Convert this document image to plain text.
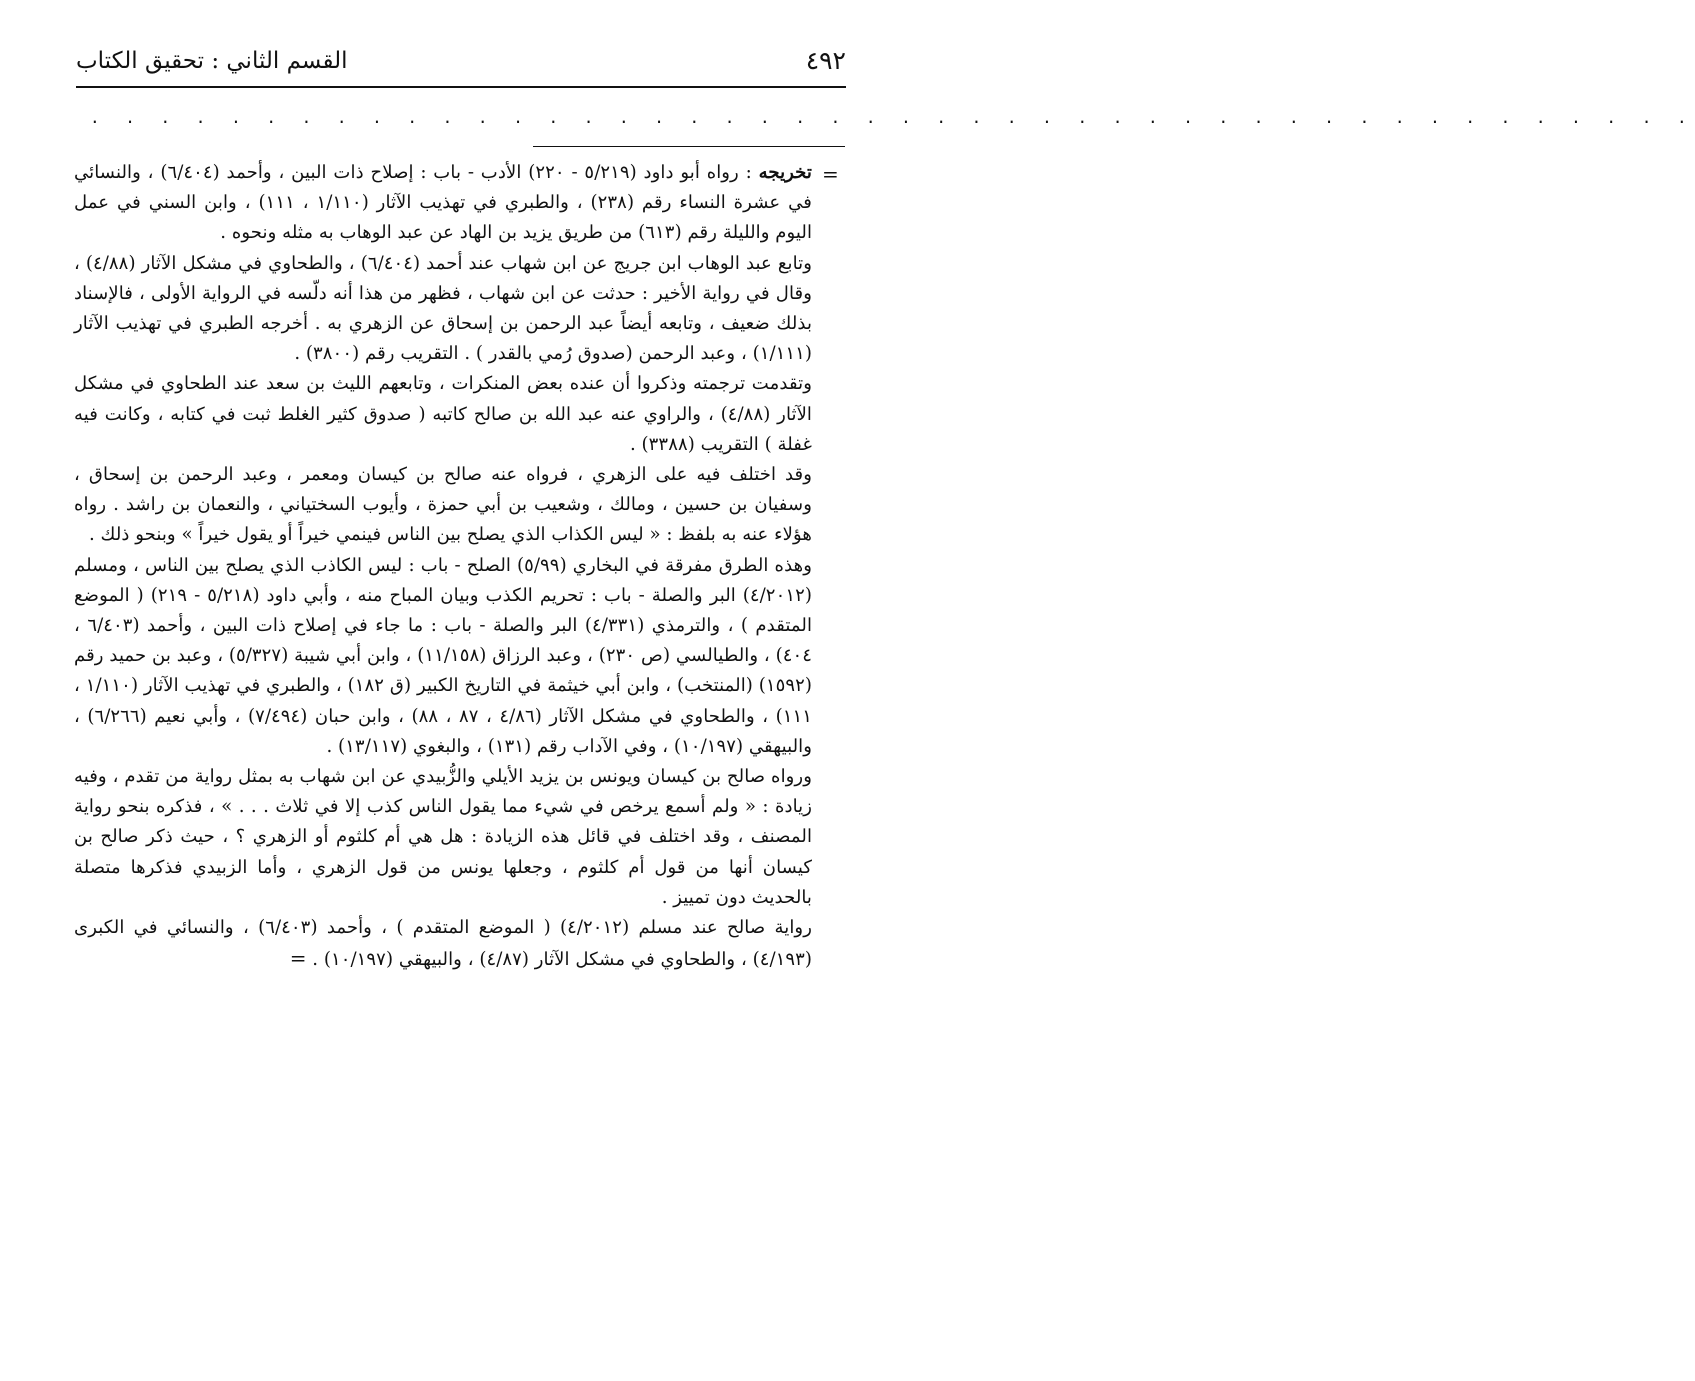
٤٩٢
القسم الثاني : تحقيق الكتاب
. . . . . . . . . . . . . . . . . . . . . . . . . . . . . . . . . . . . . . . . . . . . . .
=

تخريجه : رواه أبو داود (٥/٢١٩ - ٢٢٠) الأدب - باب : إصلاح ذات البين ، وأحمد (٦/٤٠٤) ، والنسائي في عشرة النساء رقم (٢٣٨) ، والطبري في تهذيب الآثار (١/١١٠ ، ١١١) ، وابن السني في عمل اليوم والليلة رقم (٦١٣) من طريق يزيد بن الهاد عن عبد الوهاب به مثله ونحوه .

وتابع عبد الوهاب ابن جريج عن ابن شهاب عند أحمد (٦/٤٠٤) ، والطحاوي في مشكل الآثار (٤/٨٨) ، وقال في رواية الأخير : حدثت عن ابن شهاب ، فظهر من هذا أنه دلّسه في الرواية الأولى ، فالإسناد بذلك ضعيف ، وتابعه أيضاً عبد الرحمن بن إسحاق عن الزهري به . أخرجه الطبري في تهذيب الآثار (١/١١١) ، وعبد الرحمن (صدوق رُمي بالقدر ) . التقريب رقم (٣٨٠٠) .

وتقدمت ترجمته وذكروا أن عنده بعض المنكرات ، وتابعهم الليث بن سعد عند الطحاوي في مشكل الآثار (٤/٨٨) ، والراوي عنه عبد الله بن صالح كاتبه ( صدوق كثير الغلط ثبت في كتابه ، وكانت فيه غفلة ) التقريب (٣٣٨٨) .

وقد اختلف فيه على الزهري ، فرواه عنه صالح بن كيسان ومعمر ، وعبد الرحمن بن إسحاق ، وسفيان بن حسين ، ومالك ، وشعيب بن أبي حمزة ، وأيوب السختياني ، والنعمان بن راشد . رواه هؤلاء عنه به بلفظ : « ليس الكذاب الذي يصلح بين الناس فينمي خيراً أو يقول خيراً » وبنحو ذلك .

وهذه الطرق مفرقة في البخاري (٥/٩٩) الصلح - باب : ليس الكاذب الذي يصلح بين الناس ، ومسلم (٤/٢٠١٢) البر والصلة - باب : تحريم الكذب وبيان المباح منه ، وأبي داود (٥/٢١٨ - ٢١٩) ( الموضع المتقدم ) ، والترمذي (٤/٣٣١) البر والصلة - باب : ما جاء في إصلاح ذات البين ، وأحمد (٦/٤٠٣ ، ٤٠٤) ، والطيالسي (ص ٢٣٠) ، وعبد الرزاق (١١/١٥٨) ، وابن أبي شيبة (٥/٣٢٧) ، وعبد بن حميد رقم (١٥٩٢) (المنتخب) ، وابن أبي خيثمة في التاريخ الكبير (ق ١٨٢) ، والطبري في تهذيب الآثار (١/١١٠ ، ١١١) ، والطحاوي في مشكل الآثار (٤/٨٦ ، ٨٧ ، ٨٨) ، وابن حبان (٧/٤٩٤) ، وأبي نعيم (٦/٢٦٦) ، والبيهقي (١٠/١٩٧) ، وفي الآداب رقم (١٣١) ، والبغوي (١٣/١١٧) .

ورواه صالح بن كيسان ويونس بن يزيد الأيلي والزُّبيدي عن ابن شهاب به بمثل رواية من تقدم ، وفيه زيادة : « ولم أسمع يرخص في شيء مما يقول الناس كذب إلا في ثلاث . . . » ، فذكره بنحو رواية المصنف ، وقد اختلف في قائل هذه الزيادة : هل هي أم كلثوم أو الزهري ؟ ، حيث ذكر صالح بن كيسان أنها من قول أم كلثوم ، وجعلها يونس من قول الزهري ، وأما الزبيدي فذكرها متصلة بالحديث دون تمييز .

رواية صالح عند مسلم (٤/٢٠١٢) ( الموضع المتقدم ) ، وأحمد (٦/٤٠٣) ، والنسائي في الكبرى (٤/١٩٣) ، والطحاوي في مشكل الآثار (٤/٨٧) ، والبيهقي (١٠/١٩٧) . =
